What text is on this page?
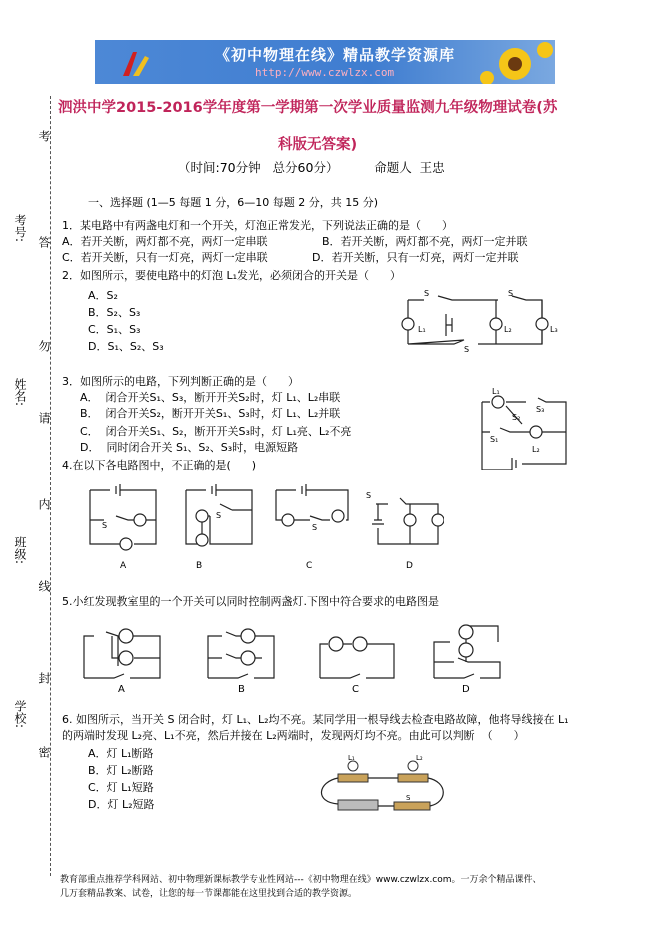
《初中物理在线》精品教学资源库
http://www.czwlzx.com
考
考号: 答
勿
姓名:
请
内
班级:
线
封
学校:
密
泗洪中学2015-2016学年度第一学期第一次学业质量监测九年级物理试卷(苏
科版无答案)
（时间:70分钟   总分60分）         命题人  王忠
一、选择题 (1—5 每题 1 分，6—10 每题 2 分，共 15 分)
1．某电路中有两盏电灯和一个开关，灯泡正常发光，下列说法正确的是（      ）
A．若开关断，两灯都不亮，两灯一定串联	B．若开关断，两灯都不亮，两灯一定并联
C．若开关断，只有一灯亮，两灯一定串联	D．若开关断，只有一灯亮，两灯一定并联
2．如图所示，要使电路中的灯泡 L₁发光，必须闭合的开关是（      ）
A．S₂
B．S₂、S₃
C．S₁、S₃
D．S₁、S₂、S₃
S	S
S
L₁	L₂	L₃
3．如图所示的电路，下列判断正确的是（      ）
A．  闭合开关S₁、S₃，断开开关S₂时，灯 L₁、L₂串联
B．  闭合开关S₂，断开开关S₁、S₃时，灯 L₁、L₂并联
C．  闭合开关S₁、S₂，断开开关S₃时，灯 L₁亮、L₂不亮
D．  同时闭合开关 S₁、S₂、S₃时，电源短路
L₁
S₂
S₃
S₁
L₂
4.在以下各电路图中，不正确的是(      )
S
A
S
B
S
C
S
D
5.小红发现教室里的一个开关可以同时控制两盏灯.下图中符合要求的电路图是
A	B	C	D
6. 如图所示，当开关 S 闭合时，灯 L₁、L₂均不亮。某同学用一根导线去检查电路故障，他将导线接在 L₁
的两端时发现 L₂亮、L₁不亮，然后并接在 L₂两端时，发现两灯均不亮。由此可以判断  （      ）
A．灯 L₁断路
B．灯 L₂断路
C．灯 L₁短路
D．灯 L₂短路
L₁	L₂
S
教育部重点推荐学科网站、初中物理新课标教学专业性网站---《初中物理在线》www.czwlzx.com。一万余个精品课件、
几万套精品教案、试卷，让您的每一节课都能在这里找到合适的教学资源。
